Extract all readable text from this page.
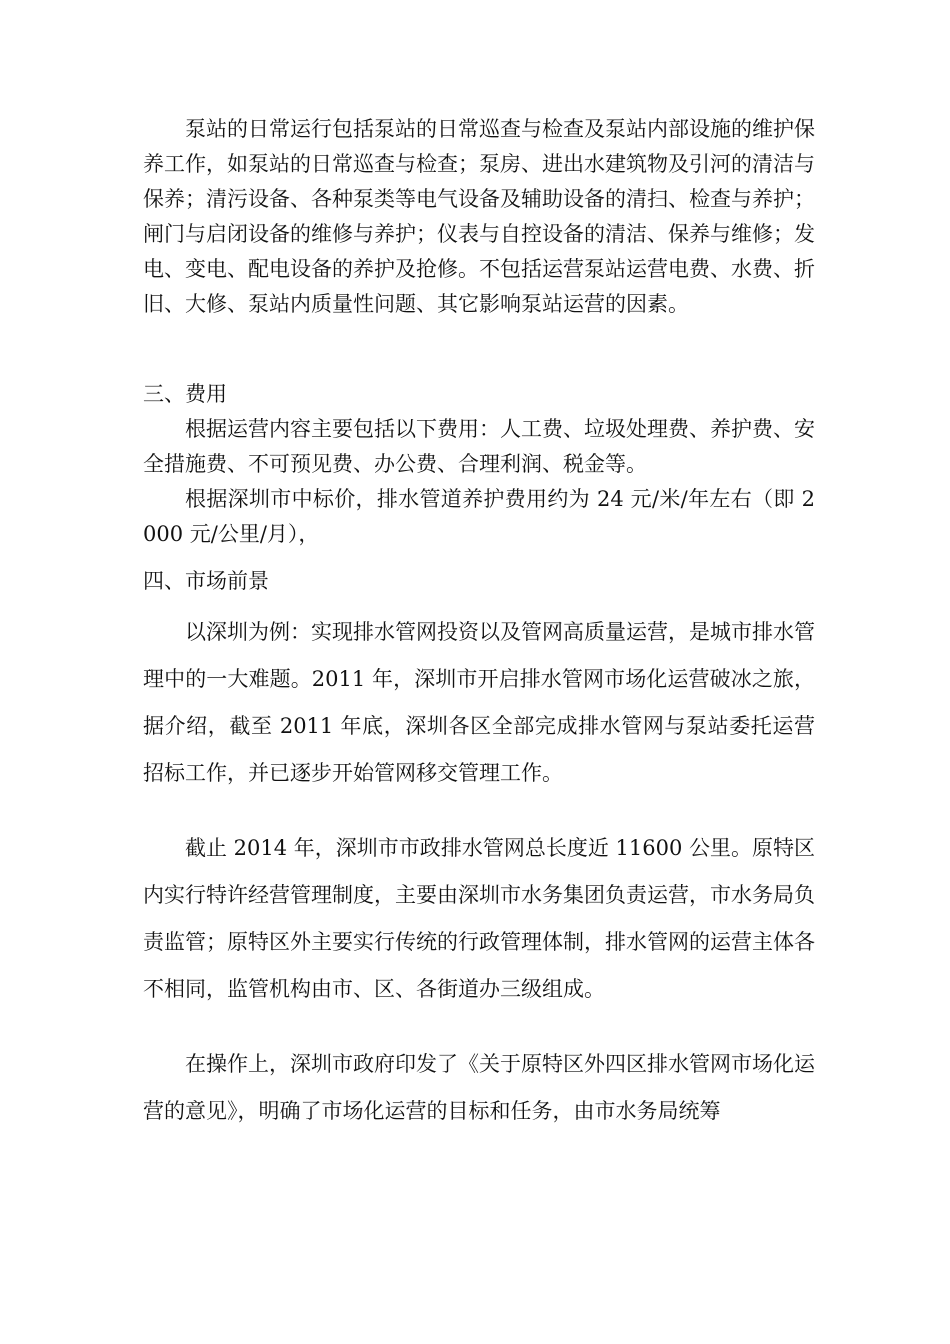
泵站的日常运行包括泵站的日常巡查与检查及泵站内部设施的维护保养工作，如泵站的日常巡查与检查；泵房、进出水建筑物及引河的清洁与保养；清污设备、各种泵类等电气设备及辅助设备的清扫、检查与养护；闸门与启闭设备的维修与养护；仪表与自控设备的清洁、保养与维修；发电、变电、配电设备的养护及抢修。不包括运营泵站运营电费、水费、折旧、大修、泵站内质量性问题、其它影响泵站运营的因素。

三、费用

根据运营内容主要包括以下费用：人工费、垃圾处理费、养护费、安全措施费、不可预见费、办公费、合理利润、税金等。

根据深圳市中标价，排水管道养护费用约为 24 元/米/年左右（即 2000 元/公里/月），

四、市场前景

以深圳为例：实现排水管网投资以及管网高质量运营，是城市排水管理中的一大难题。2011 年，深圳市开启排水管网市场化运营破冰之旅，据介绍，截至 2011 年底，深圳各区全部完成排水管网与泵站委托运营招标工作，并已逐步开始管网移交管理工作。

截止 2014 年，深圳市市政排水管网总长度近 11600 公里。原特区内实行特许经营管理制度，主要由深圳市水务集团负责运营，市水务局负责监管；原特区外主要实行传统的行政管理体制，排水管网的运营主体各不相同，监管机构由市、区、各街道办三级组成。

在操作上，深圳市政府印发了《关于原特区外四区排水管网市场化运营的意见》，明确了市场化运营的目标和任务，由市水务局统筹
